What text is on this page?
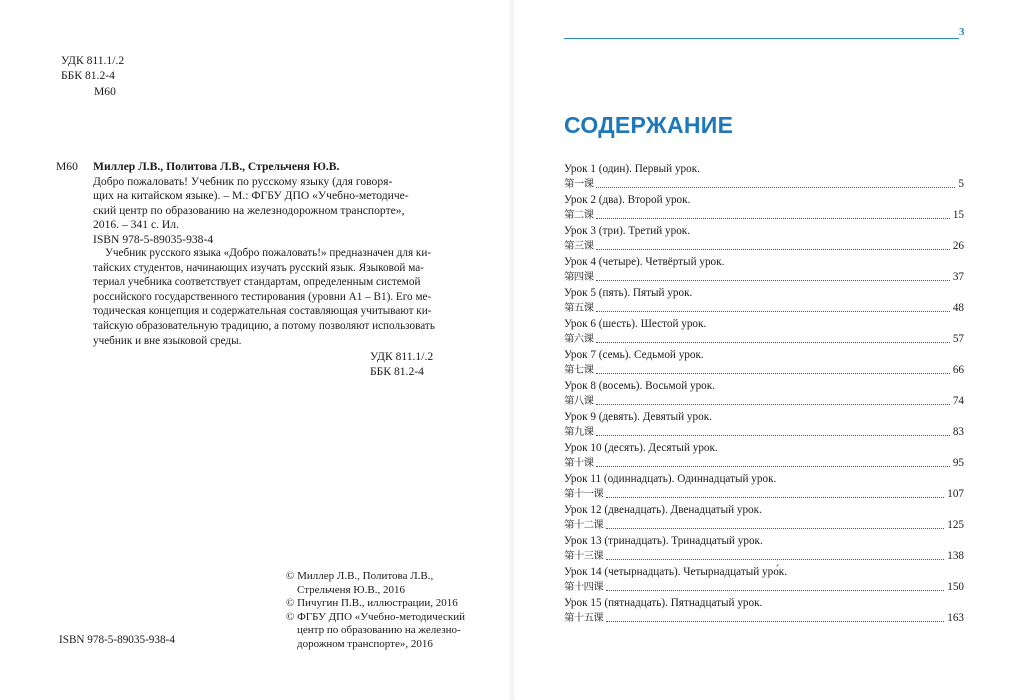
УДК 811.1/.2
ББК 81.2-4
М60
М60 Миллер Л.В., Политова Л.В., Стрельченя Ю.В.

Добро пожаловать! Учебник по русскому языку (для говоря-

щих на китайском языке). – М.: ФГБУ ДПО «Учебно-методиче-

ский центр по образованию на железнодорожном транспорте»,

2016. – 341 с. Ил.

ISBN 978-5-89035-938-4

Учебник русского языка «Добро пожаловать!» предназначен для ки-

тайских студентов, начинающих изучать русский язык. Языковой ма-

териал учебника соответствует стандартам, определенным системой

российского государственного тестирования (уровни А1 – В1). Его ме-

тодическая концепция и содержательная составляющая учитывают ки-

тайскую образовательную традицию, а потому позволяют использовать

учебник и вне языковой среды.

УДК 811.1/.2
ББК 81.2-4
© Миллер Л.В., Политова Л.В.,
Стрельченя Ю.В., 2016
© Пичугин П.В., иллюстрации, 2016
© ФГБУ ДПО «Учебно-методический
центр по образованию на железно-
дорожном транспорте», 2016
ISBN 978-5-89035-938-4
3
СОДЕРЖАНИЕ
Урок 1 (один). Первый урок.
第一课	5
Урок 2 (два). Второй урок.
第二课	15
Урок 3 (три). Третий урок.
第三课	26
Урок 4 (четыре). Четвёртый урок.
第四课	37
Урок 5 (пять). Пятый урок.
第五课	48
Урок 6 (шесть). Шестой урок.
第六课	57
Урок 7 (семь). Седьмой урок.
第七课	66
Урок 8 (восемь). Восьмой урок.
第八课	74
Урок 9 (девять). Девятый урок.
第九课	83
Урок 10 (десять). Десятый урок.
第十课	95
Урок 11 (одиннадцать). Одиннадцатый урок.
第十一课	107
Урок 12 (двенадцать). Двенадцатый урок.
第十二课	125
Урок 13 (тринадцать). Тринадцатый урок.
第十三课	138
Урок 14 (четырнадцать). Четырнадцатый уро́к.
第十四课	150
Урок 15 (пятнадцать). Пятнадцатый урок.
第十五课	163
